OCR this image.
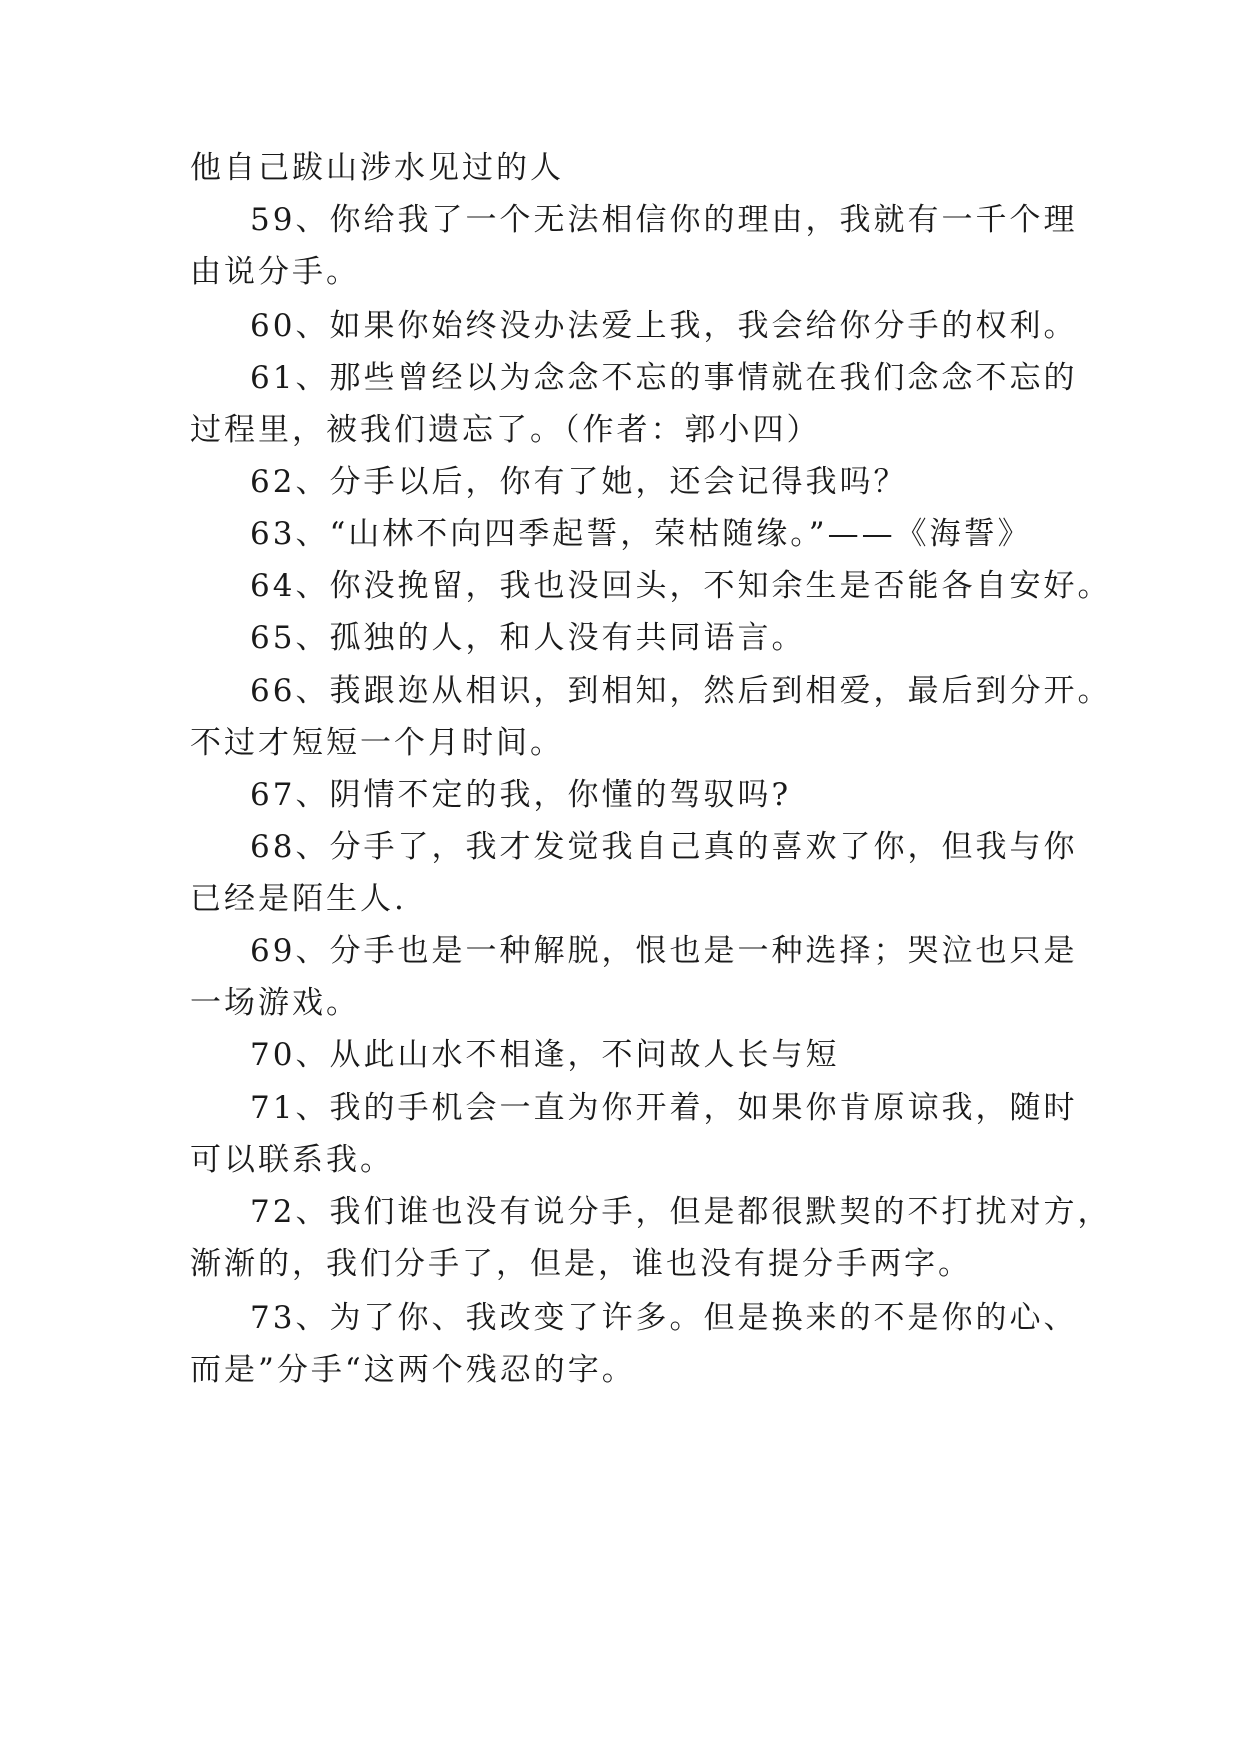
他自己跋山涉水见过的人
59、你给我了一个无法相信你的理由，我就有一千个理
由说分手。
60、如果你始终没办法爱上我，我会给你分手的权利。
61、那些曾经以为念念不忘的事情就在我们念念不忘的
过程里，被我们遗忘了。（作者：郭小四）
62、分手以后，你有了她，还会记得我吗？
63、“山林不向四季起誓，荣枯随缘。”——《海誓》
64、你没挽留，我也没回头，不知余生是否能各自安好。
65、孤独的人，和人没有共同语言。
66、莪跟迩从相识，到相知，然后到相爱，最后到分开。
不过才短短一个月时间。
67、阴情不定的我，你懂的驾驭吗?
68、分手了，我才发觉我自己真的喜欢了你，但我与你
已经是陌生人.
69、分手也是一种解脱，恨也是一种选择；哭泣也只是
一场游戏。
70、从此山水不相逢，不问故人长与短
71、我的手机会一直为你开着，如果你肯原谅我，随时
可以联系我。
72、我们谁也没有说分手，但是都很默契的不打扰对方，
渐渐的，我们分手了，但是，谁也没有提分手两字。
73、为了你、我改变了许多。但是换来的不是你的心、
而是”分手“这两个残忍的字。
